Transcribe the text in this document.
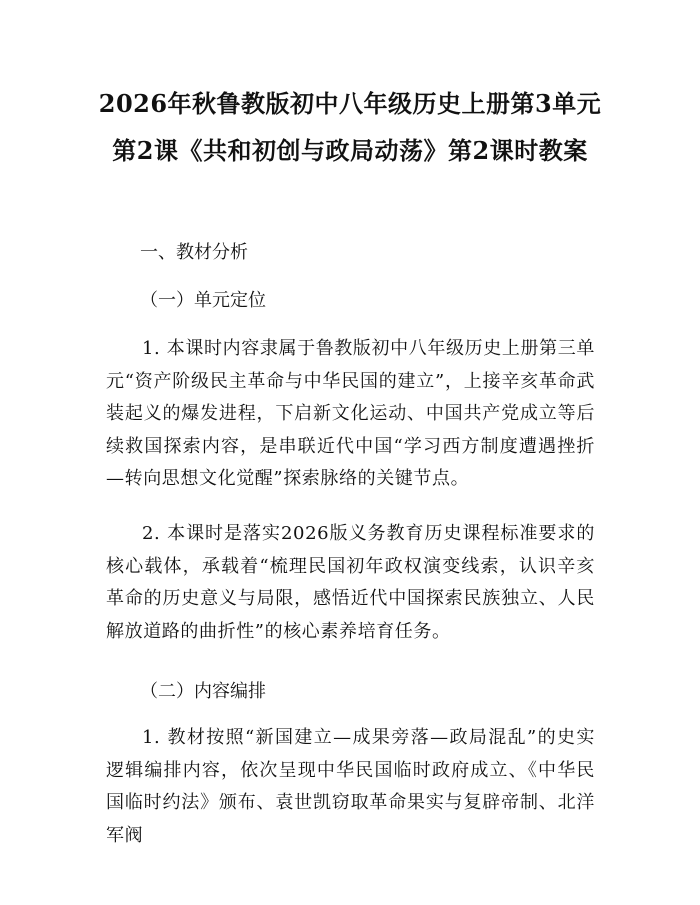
2026年秋鲁教版初中八年级历史上册第3单元第2课《共和初创与政局动荡》第2课时教案
一、教材分析
（一）单元定位
1. 本课时内容隶属于鲁教版初中八年级历史上册第三单元“资产阶级民主革命与中华民国的建立”，上接辛亥革命武装起义的爆发进程，下启新文化运动、中国共产党成立等后续救国探索内容，是串联近代中国“学习西方制度遭遇挫折—转向思想文化觉醒”探索脉络的关键节点。
2. 本课时是落实2026版义务教育历史课程标准要求的核心载体，承载着“梳理民国初年政权演变线索，认识辛亥革命的历史意义与局限，感悟近代中国探索民族独立、人民解放道路的曲折性”的核心素养培育任务。
（二）内容编排
1. 教材按照“新国建立—成果旁落—政局混乱”的史实逻辑编排内容，依次呈现中华民国临时政府成立、《中华民国临时约法》颁布、袁世凯窃取革命果实与复辟帝制、北洋军阀
